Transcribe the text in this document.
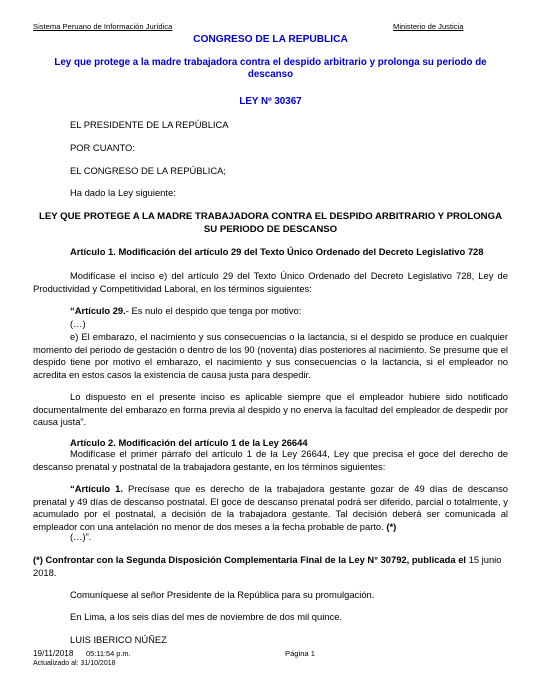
Sistema Peruano de Información Jurídica	Ministerio de Justicia
CONGRESO DE LA REPUBLICA
Ley que protege a la madre trabajadora contra el despido arbitrario y prolonga su periodo de descanso
LEY Nº 30367
EL PRESIDENTE DE LA REPÚBLICA
POR CUANTO:
EL CONGRESO DE LA REPÚBLICA;
Ha dado la Ley siguiente:
LEY QUE PROTEGE A LA MADRE TRABAJADORA CONTRA EL DESPIDO ARBITRARIO Y PROLONGA SU PERIODO DE DESCANSO
Artículo 1. Modificación del artículo 29 del Texto Único Ordenado del Decreto Legislativo 728
Modifícase el inciso e) del artículo 29 del Texto Único Ordenado del Decreto Legislativo 728, Ley de Productividad y Competitividad Laboral, en los términos siguientes:
“Artículo 29.- Es nulo el despido que tenga por motivo:
(…)
e) El embarazo, el nacimiento y sus consecuencias o la lactancia, si el despido se produce en cualquier momento del periodo de gestación o dentro de los 90 (noventa) días posteriores al nacimiento. Se presume que el despido tiene por motivo el embarazo, el nacimiento y sus consecuencias o la lactancia, si el empleador no acredita en estos casos la existencia de causa justa para despedir.
Lo dispuesto en el presente inciso es aplicable siempre que el empleador hubiere sido notificado documentalmente del embarazo en forma previa al despido y no enerva la facultad del empleador de despedir por causa justa”.
Artículo 2. Modificación del artículo 1 de la Ley 26644
Modifícase el primer párrafo del artículo 1 de la Ley 26644, Ley que precisa el goce del derecho de descanso prenatal y postnatal de la trabajadora gestante, en los términos siguientes:
“Artículo 1. Precísase que es derecho de la trabajadora gestante gozar de 49 días de descanso prenatal y 49 días de descanso postnatal. El goce de descanso prenatal podrá ser diferido, parcial o totalmente, y acumulado por el postnatal, a decisión de la trabajadora gestante. Tal decisión deberá ser comunicada al empleador con una antelación no menor de dos meses a la fecha probable de parto. (*)
(…)”.
(*) Confrontar con la Segunda Disposición Complementaria Final de la Ley N° 30792, publicada el 15 junio 2018.
Comuníquese al señor Presidente de la República para su promulgación.
En Lima, a los seis días del mes de noviembre de dos mil quince.
LUIS IBERICO NÚÑEZ
19/11/2018 05:11:54 p.m.	Página 1
Actualizado al: 31/10/2018
